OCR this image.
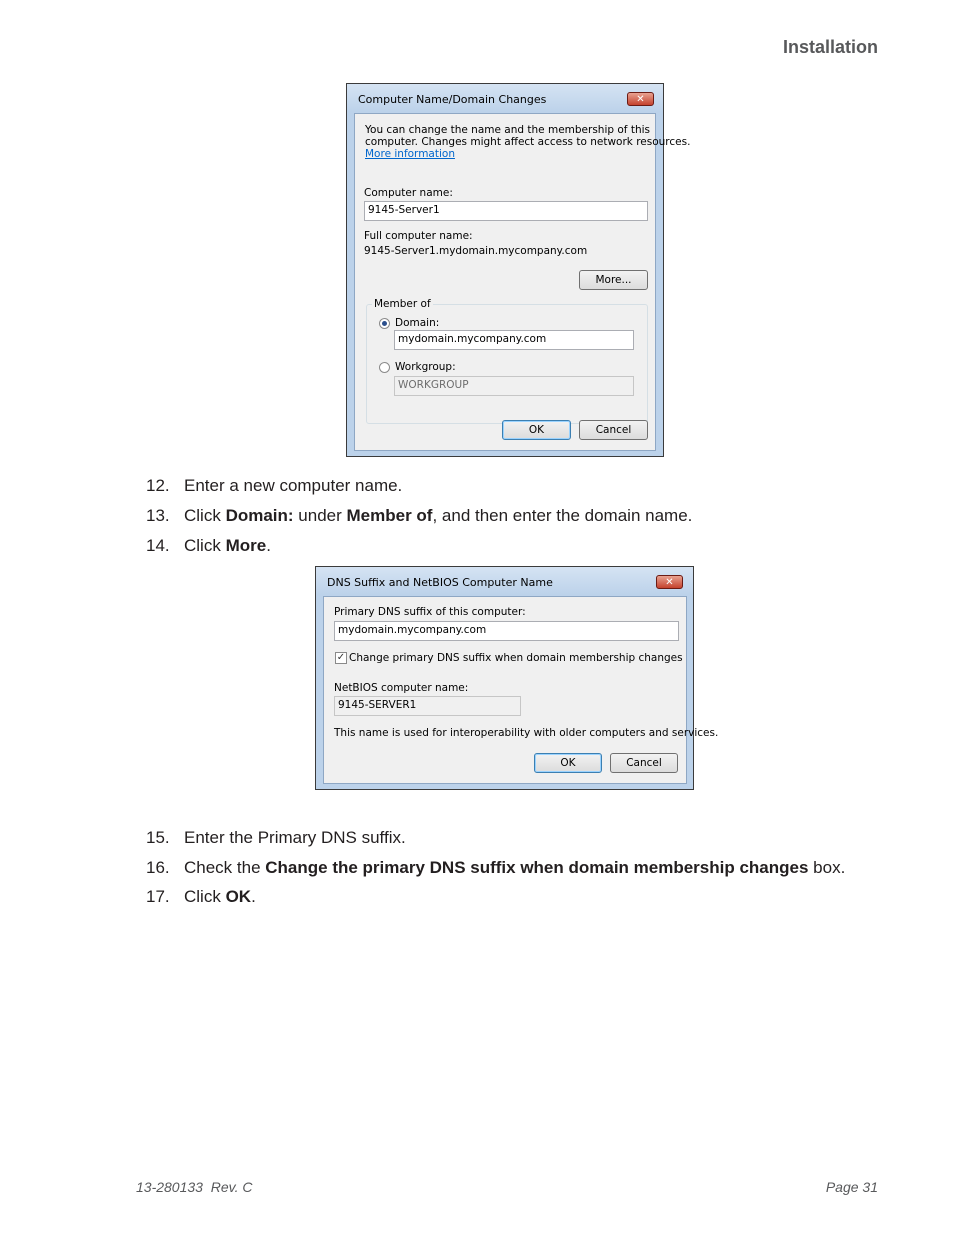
Installation
Computer Name/Domain Changes	✕
You can change the name and the membership of this
computer. Changes might affect access to network resources.
More information
Computer name:
9145-Server1
Full computer name:
9145-Server1.mydomain.mycompany.com
More...
Member of
Domain:
mydomain.mycompany.com
Workgroup:
WORKGROUP
OK	Cancel
12. Enter a new computer name.
13. Click Domain: under Member of, and then enter the domain name.
14. Click More.
DNS Suffix and NetBIOS Computer Name	✕
Primary DNS suffix of this computer:
mydomain.mycompany.com
✓ Change primary DNS suffix when domain membership changes
NetBIOS computer name:
9145-SERVER1
This name is used for interoperability with older computers and services.
OK	Cancel
15. Enter the Primary DNS suffix.
16. Check the Change the primary DNS suffix when domain membership changes box.
17. Click OK.
13-280133  Rev. C	Page 31
